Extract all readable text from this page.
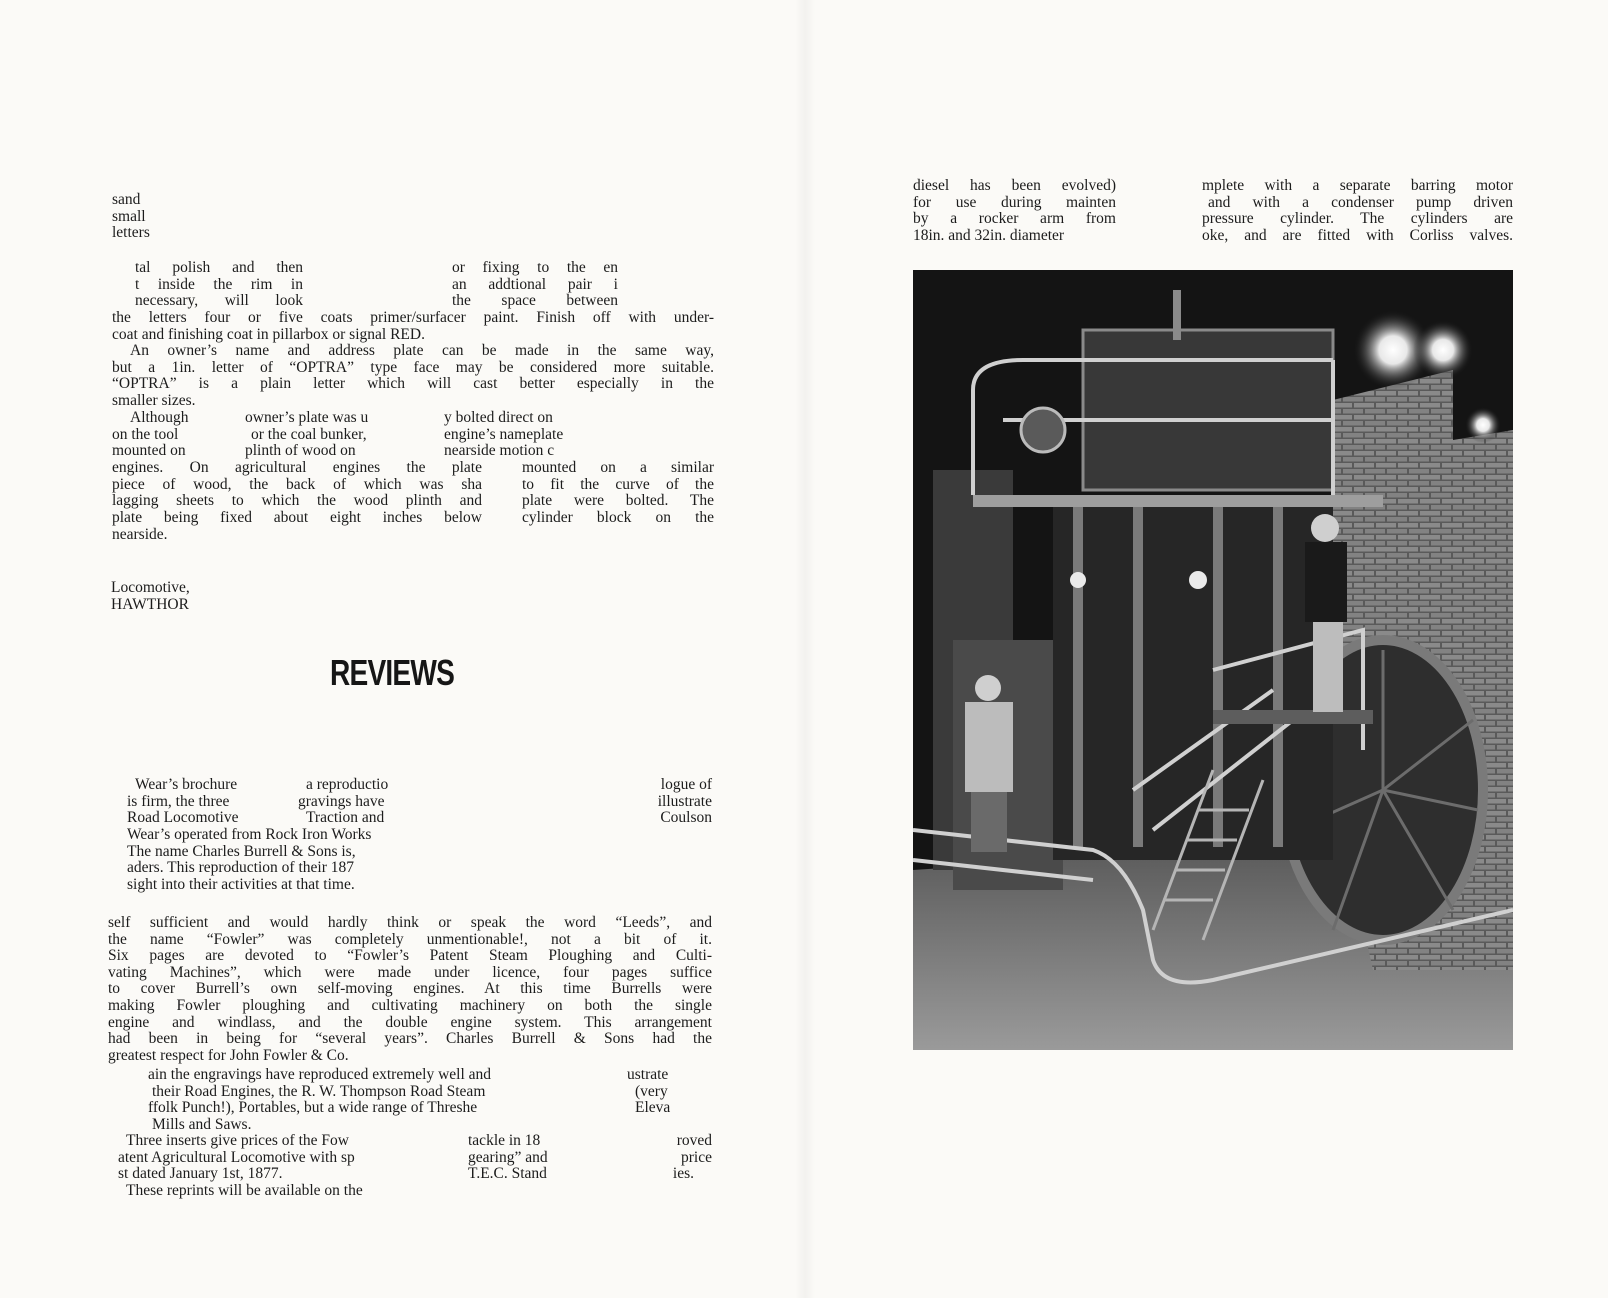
sand
small
letters
tal polish and then
t inside the rim in
necessary, will look
or fixing to the en
an addtional pair i
the space between
the letters four or five coats primer/surfacer paint. Finish off with under-
coat and finishing coat in pillarbox or signal RED.
An owner’s name and address plate can be made in the same way,
but a 1in. letter of “OPTRA” type face may be considered more suitable.
“OPTRA” is a plain letter which will cast better especially in the
smaller sizes.
Although
on the tool
mounted on
owner’s plate was u
or the coal bunker,
plinth of wood on
y bolted direct on
engine’s nameplate
nearside motion c
engines. On agricultural engines the plate
piece of wood, the back of which was sha
lagging sheets to which the wood plinth and
plate being fixed about eight inches below
mounted on a similar
to fit the curve of the
plate were bolted. The
cylinder block on the
nearside.
Locomotive,
HAWTHOR
REVIEWS
Wear’s brochure
is firm, the three
Road Locomotive
a reproductio
gravings have
Traction and
logue of
illustrate
Coulson
Wear’s operated from Rock Iron Works
The name Charles Burrell & Sons is,
aders. This reproduction of their 187
sight into their activities at that time.
self sufficient and would hardly think or speak the word “Leeds”, and
the name “Fowler” was completely unmentionable!, not a bit of it.
Six pages are devoted to “Fowler’s Patent Steam Ploughing and Culti-
vating Machines”, which were made under licence, four pages suffice
to cover Burrell’s own self-moving engines. At this time Burrells were
making Fowler ploughing and cultivating machinery on both the single
engine and windlass, and the double engine system. This arrangement
had been in being for “several years”. Charles Burrell & Sons had the
greatest respect for John Fowler & Co.
ain the engravings have reproduced extremely well and
their Road Engines, the R. W. Thompson Road Steam
ffolk Punch!), Portables, but a wide range of Threshe
Mills and Saws.
ustrate
(very
Eleva
Three inserts give prices of the Fow
atent Agricultural Locomotive with sp
st dated January 1st, 1877.
These reprints will be available on the
tackle in 18
gearing” and
T.E.C. Stand
roved
price
ies.
diesel has been evolved)
for use during mainten
by a rocker arm from
18in. and 32in. diameter
mplete with a separate barring motor
and with a condenser pump driven
pressure cylinder. The cylinders are
oke, and are fitted with Corliss valves.
